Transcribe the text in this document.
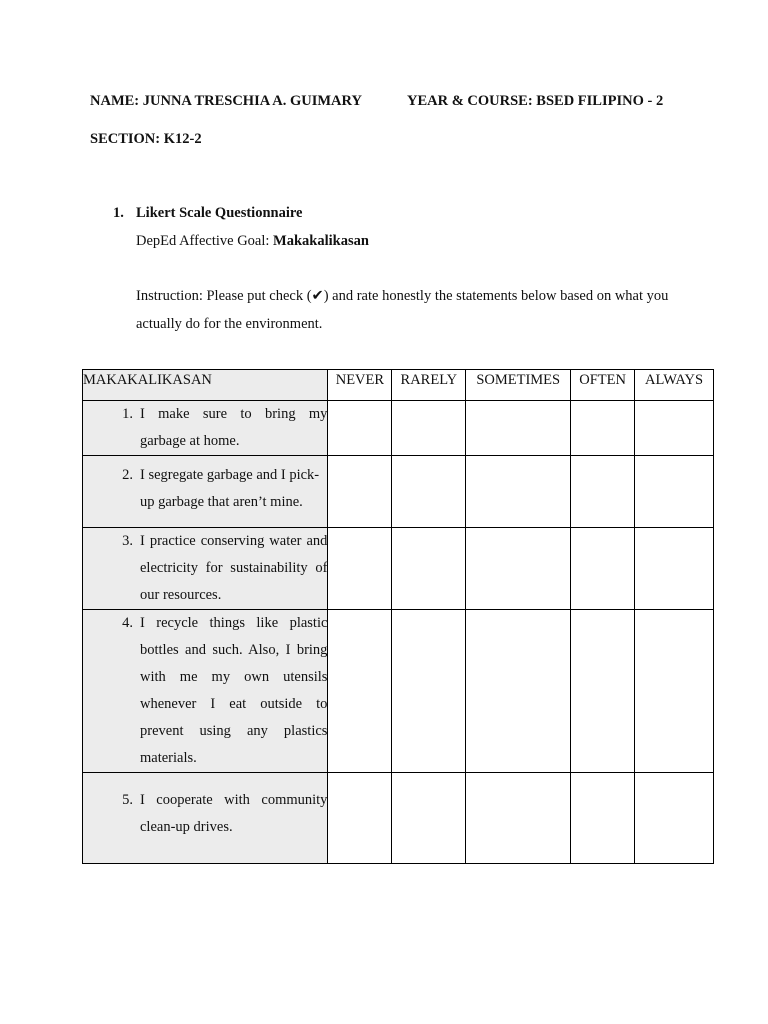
NAME: JUNNA TRESCHIA A. GUIMARY	YEAR & COURSE: BSED FILIPINO - 2
SECTION: K12-2
1. Likert Scale Questionnaire
DepEd Affective Goal: Makakalikasan
Instruction: Please put check (✔) and rate honestly the statements below based on what you
actually do for the environment.
MAKAKALIKASAN	NEVER	RARELY	SOMETIMES	OFTEN	ALWAYS

1. I make sure to bring my garbage at home.					

2. I segregate garbage and I pick-up garbage that aren’t mine.					

3. I practice conserving water and electricity for sustainability of our resources.					

4. I recycle things like plastic bottles and such. Also, I bring with me my own utensils whenever I eat outside to prevent using any plastics materials.					

5. I cooperate with community clean-up drives.					
